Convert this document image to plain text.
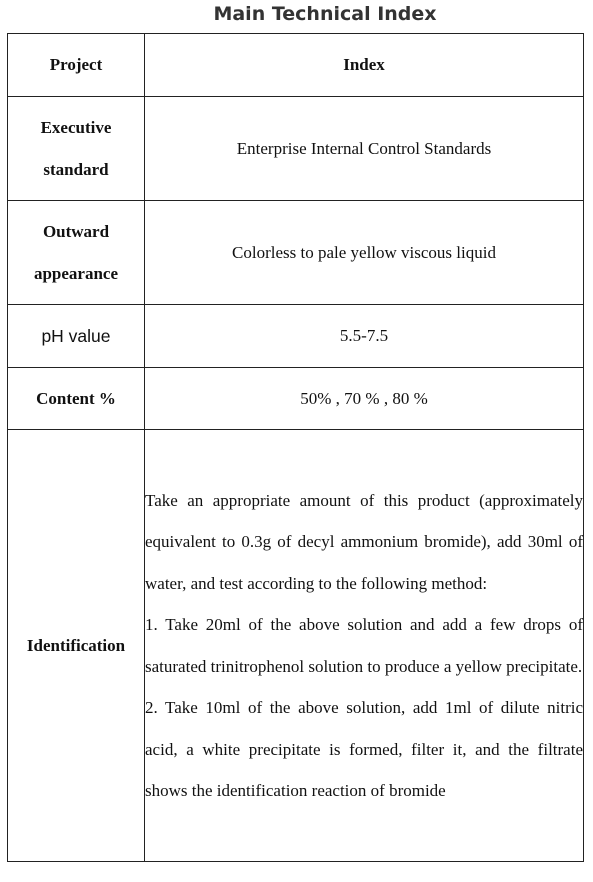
Main Technical Index
Project	Index
Executive
standard	Enterprise Internal Control Standards
Outward
appearance	Colorless to pale yellow viscous liquid
pH value	5.5-7.5
Content %	50% , 70 % , 80 %
Identification	Take an appropriate amount of this product (approximately equivalent to 0.3g of decyl ammonium bromide), add 30ml of water, and test according to the following method:
1. Take 20ml of the above solution and add a few drops of saturated trinitrophenol solution to produce a yellow precipitate.
2. Take 10ml of the above solution, add 1ml of dilute nitric acid, a white precipitate is formed, filter it, and the filtrate shows the identification reaction of bromide
